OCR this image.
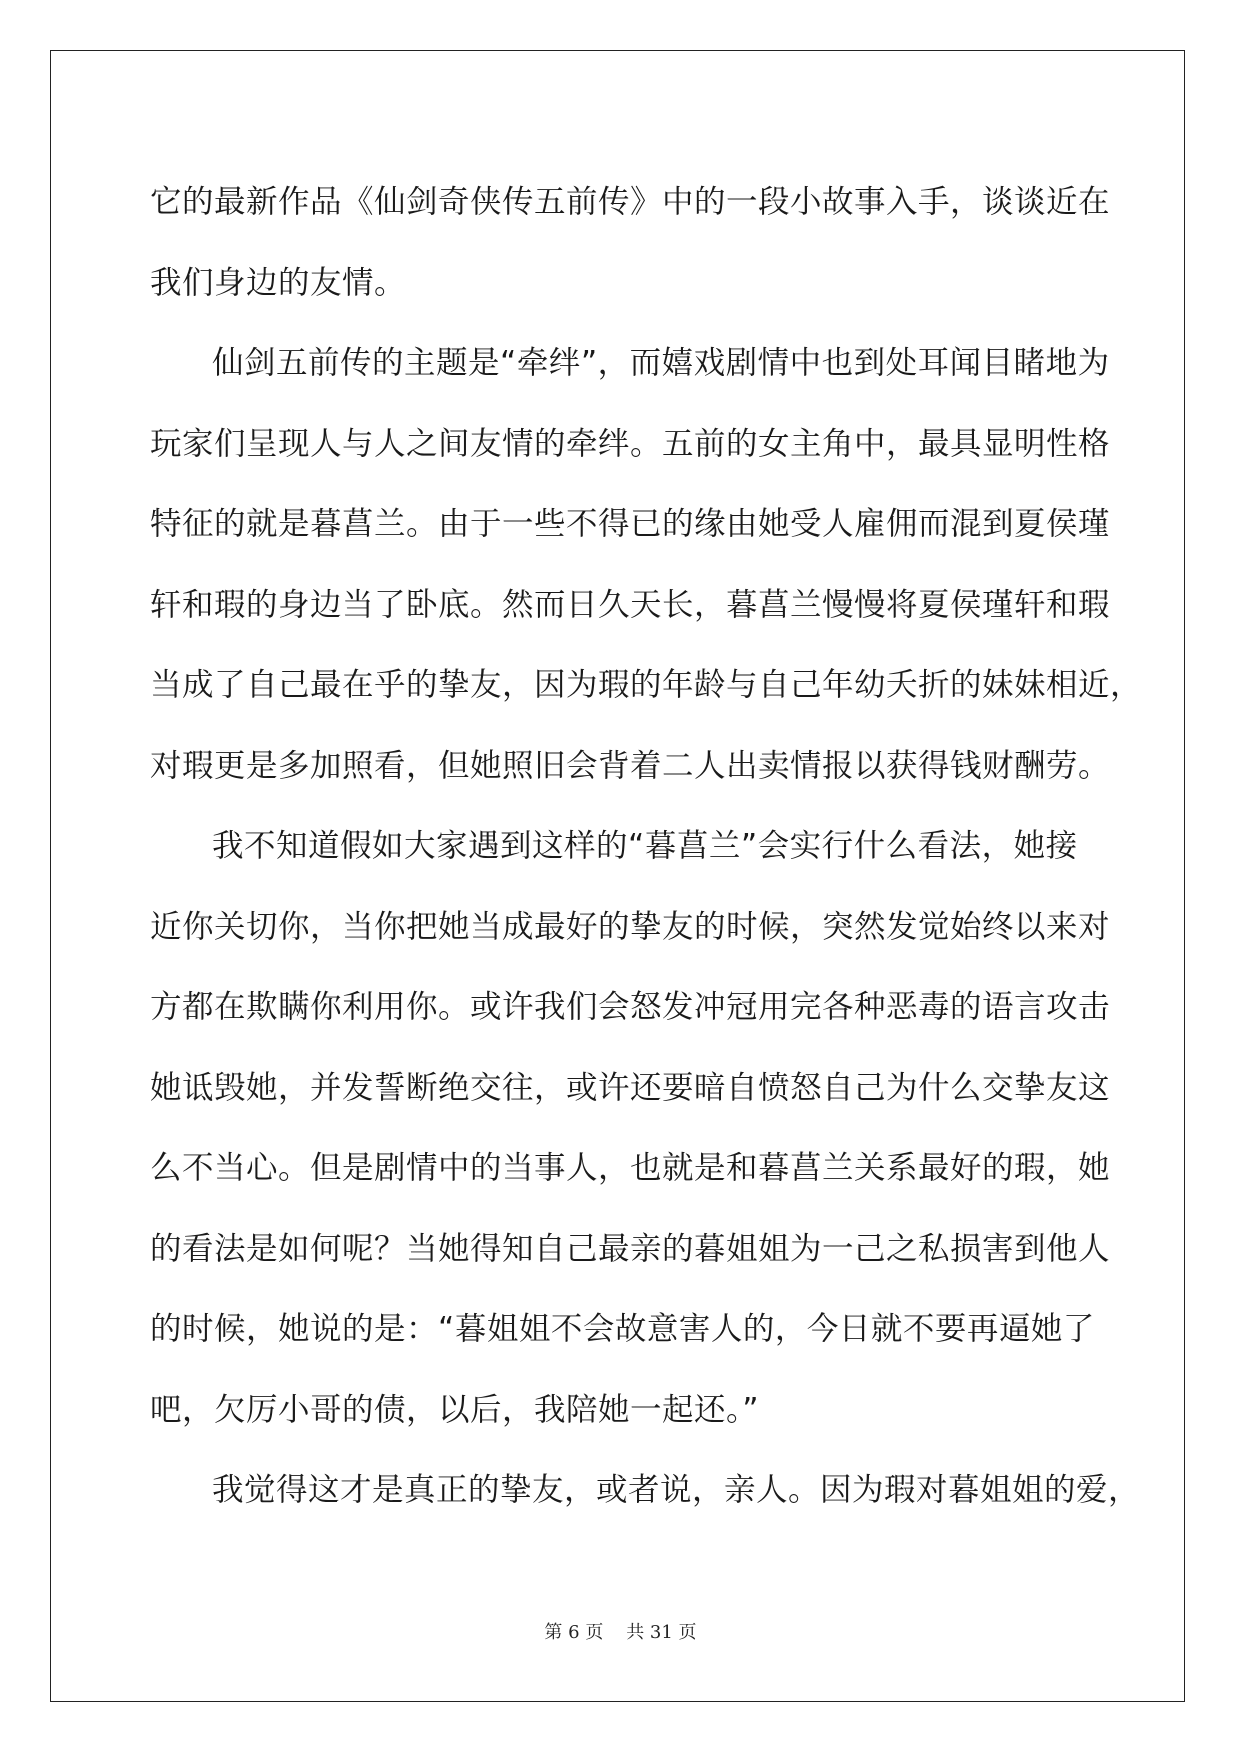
它的最新作品《仙剑奇侠传五前传》中的一段小故事入手，谈谈近在
我们身边的友情。
仙剑五前传的主题是“牵绊”，而嬉戏剧情中也到处耳闻目睹地为
玩家们呈现人与人之间友情的牵绊。五前的女主角中，最具显明性格
特征的就是暮菖兰。由于一些不得已的缘由她受人雇佣而混到夏侯瑾
轩和瑕的身边当了卧底。然而日久天长，暮菖兰慢慢将夏侯瑾轩和瑕
当成了自己最在乎的挚友，因为瑕的年龄与自己年幼夭折的妹妹相近，
对瑕更是多加照看，但她照旧会背着二人出卖情报以获得钱财酬劳。
我不知道假如大家遇到这样的“暮菖兰”会实行什么看法，她接
近你关切你，当你把她当成最好的挚友的时候，突然发觉始终以来对
方都在欺瞒你利用你。或许我们会怒发冲冠用完各种恶毒的语言攻击
她诋毁她，并发誓断绝交往，或许还要暗自愤怒自己为什么交挚友这
么不当心。但是剧情中的当事人，也就是和暮菖兰关系最好的瑕，她
的看法是如何呢？当她得知自己最亲的暮姐姐为一己之私损害到他人
的时候，她说的是：“暮姐姐不会故意害人的，今日就不要再逼她了
吧，欠厉小哥的债，以后，我陪她一起还。”
我觉得这才是真正的挚友，或者说，亲人。因为瑕对暮姐姐的爱，
第 6 页    共 31 页
